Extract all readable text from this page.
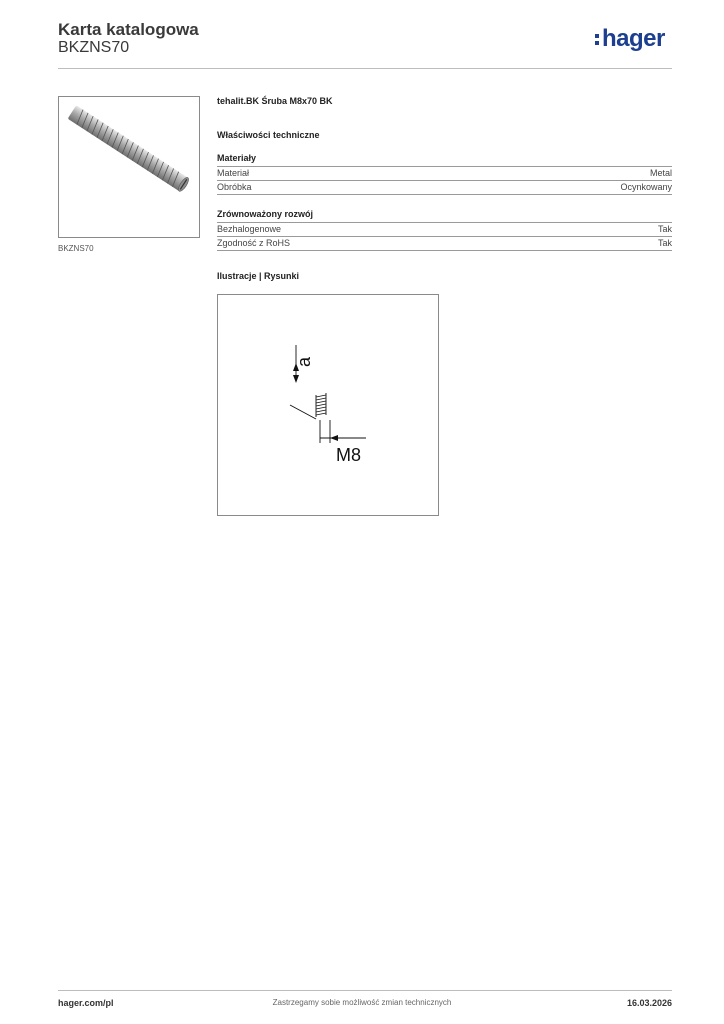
Karta katalogowa
BKZNS70	hager
BKZNS70
tehalit.BK Śruba M8x70 BK
Właściwości techniczne
Materiały
Materiał	Metal
Obróbka	Ocynkowany
Zrównoważony rozwój
Bezhalogenowe	Tak
Zgodność z RoHS	Tak
Ilustracje | Rysunki
a
M8
Zastrzegamy sobie możliwość zmian technicznych
hager.com/pl	16.03.2026
